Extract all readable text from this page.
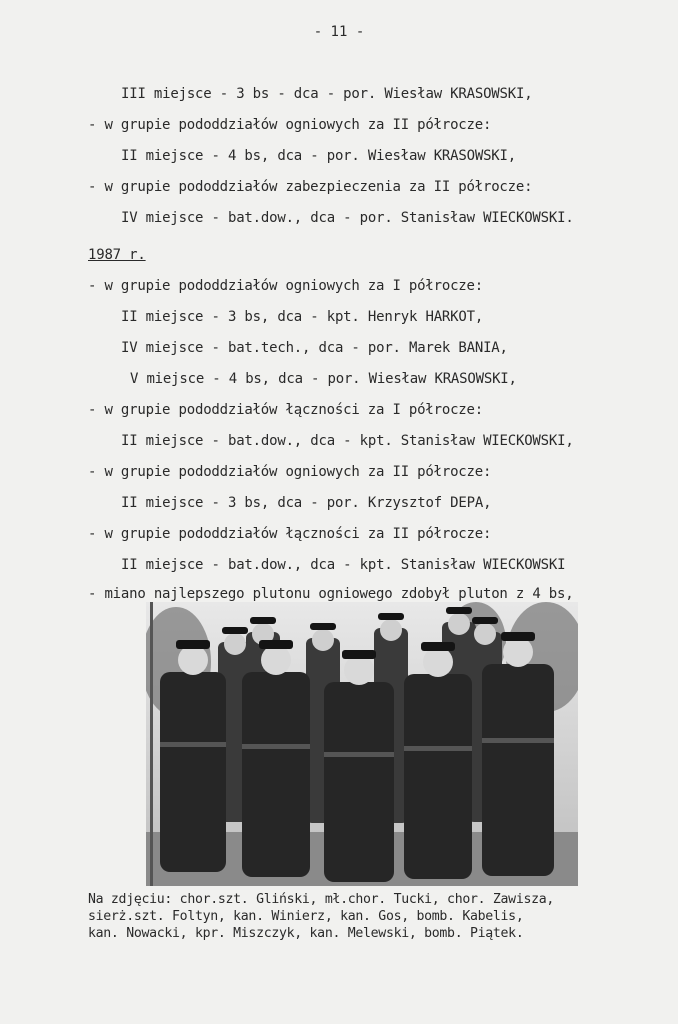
- 11 -
III miejsce - 3 bs - dca - por. Wiesław KRASOWSKI,
- w grupie pododdziałów ogniowych za II półrocze:
II miejsce - 4 bs, dca - por. Wiesław KRASOWSKI,
- w grupie pododdziałów zabezpieczenia za II półrocze:
IV miejsce - bat.dow., dca - por. Stanisław WIECKOWSKI.
1987 r.
- w grupie pododdziałów ogniowych za I półrocze:
II miejsce - 3 bs, dca - kpt. Henryk HARKOT,
IV miejsce - bat.tech., dca - por. Marek BANIA,
V miejsce - 4 bs, dca - por. Wiesław KRASOWSKI,
- w grupie pododdziałów łączności za I półrocze:
II miejsce - bat.dow., dca - kpt. Stanisław WIECKOWSKI,
- w grupie pododdziałów ogniowych za II półrocze:
II miejsce - 3 bs, dca - por. Krzysztof DEPA,
- w grupie pododdziałów łączności za II półrocze:
II miejsce - bat.dow., dca - kpt. Stanisław WIECKOWSKI
- miano najlepszego plutonu ogniowego zdobył pluton z 4 bs,
Na zdjęciu: chor.szt. Gliński, mł.chor. Tucki, chor. Zawisza,
sierż.szt. Foltyn, kan. Winierz, kan. Gos, bomb. Kabelis,
kan. Nowacki, kpr. Miszczyk, kan. Melewski, bomb. Piątek.
